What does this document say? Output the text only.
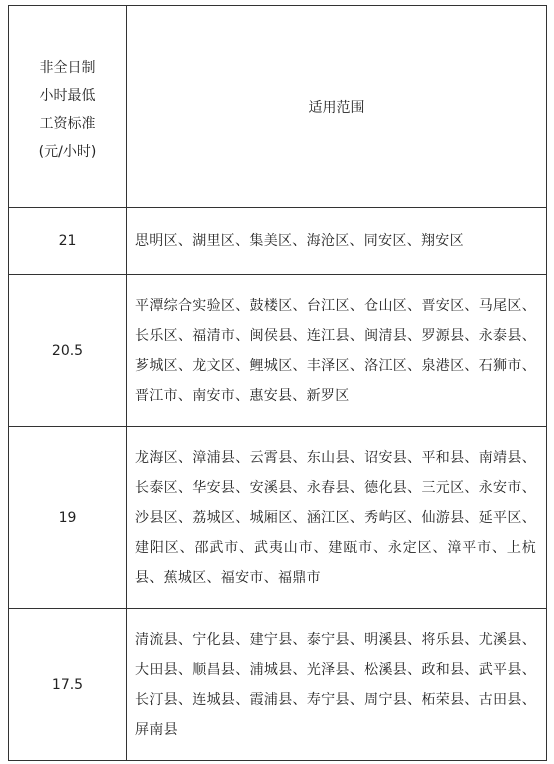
非全日制
小时最低
工资标准
(元/小时)	适用范围
21	思明区、湖里区、集美区、海沧区、同安区、翔安区
20.5	平潭综合实验区、鼓楼区、台江区、仓山区、晋安区、马尾区、长乐区、福清市、闽侯县、连江县、闽清县、罗源县、永泰县、芗城区、龙文区、鲤城区、丰泽区、洛江区、泉港区、石狮市、晋江市、南安市、惠安县、新罗区
19	龙海区、漳浦县、云霄县、东山县、诏安县、平和县、南靖县、长泰区、华安县、安溪县、永春县、德化县、三元区、永安市、沙县区、荔城区、城厢区、涵江区、秀屿区、仙游县、延平区、建阳区、邵武市、武夷山市、建瓯市、永定区、漳平市、上杭县、蕉城区、福安市、福鼎市
17.5	清流县、宁化县、建宁县、泰宁县、明溪县、将乐县、尤溪县、大田县、顺昌县、浦城县、光泽县、松溪县、政和县、武平县、长汀县、连城县、霞浦县、寿宁县、周宁县、柘荣县、古田县、屏南县
